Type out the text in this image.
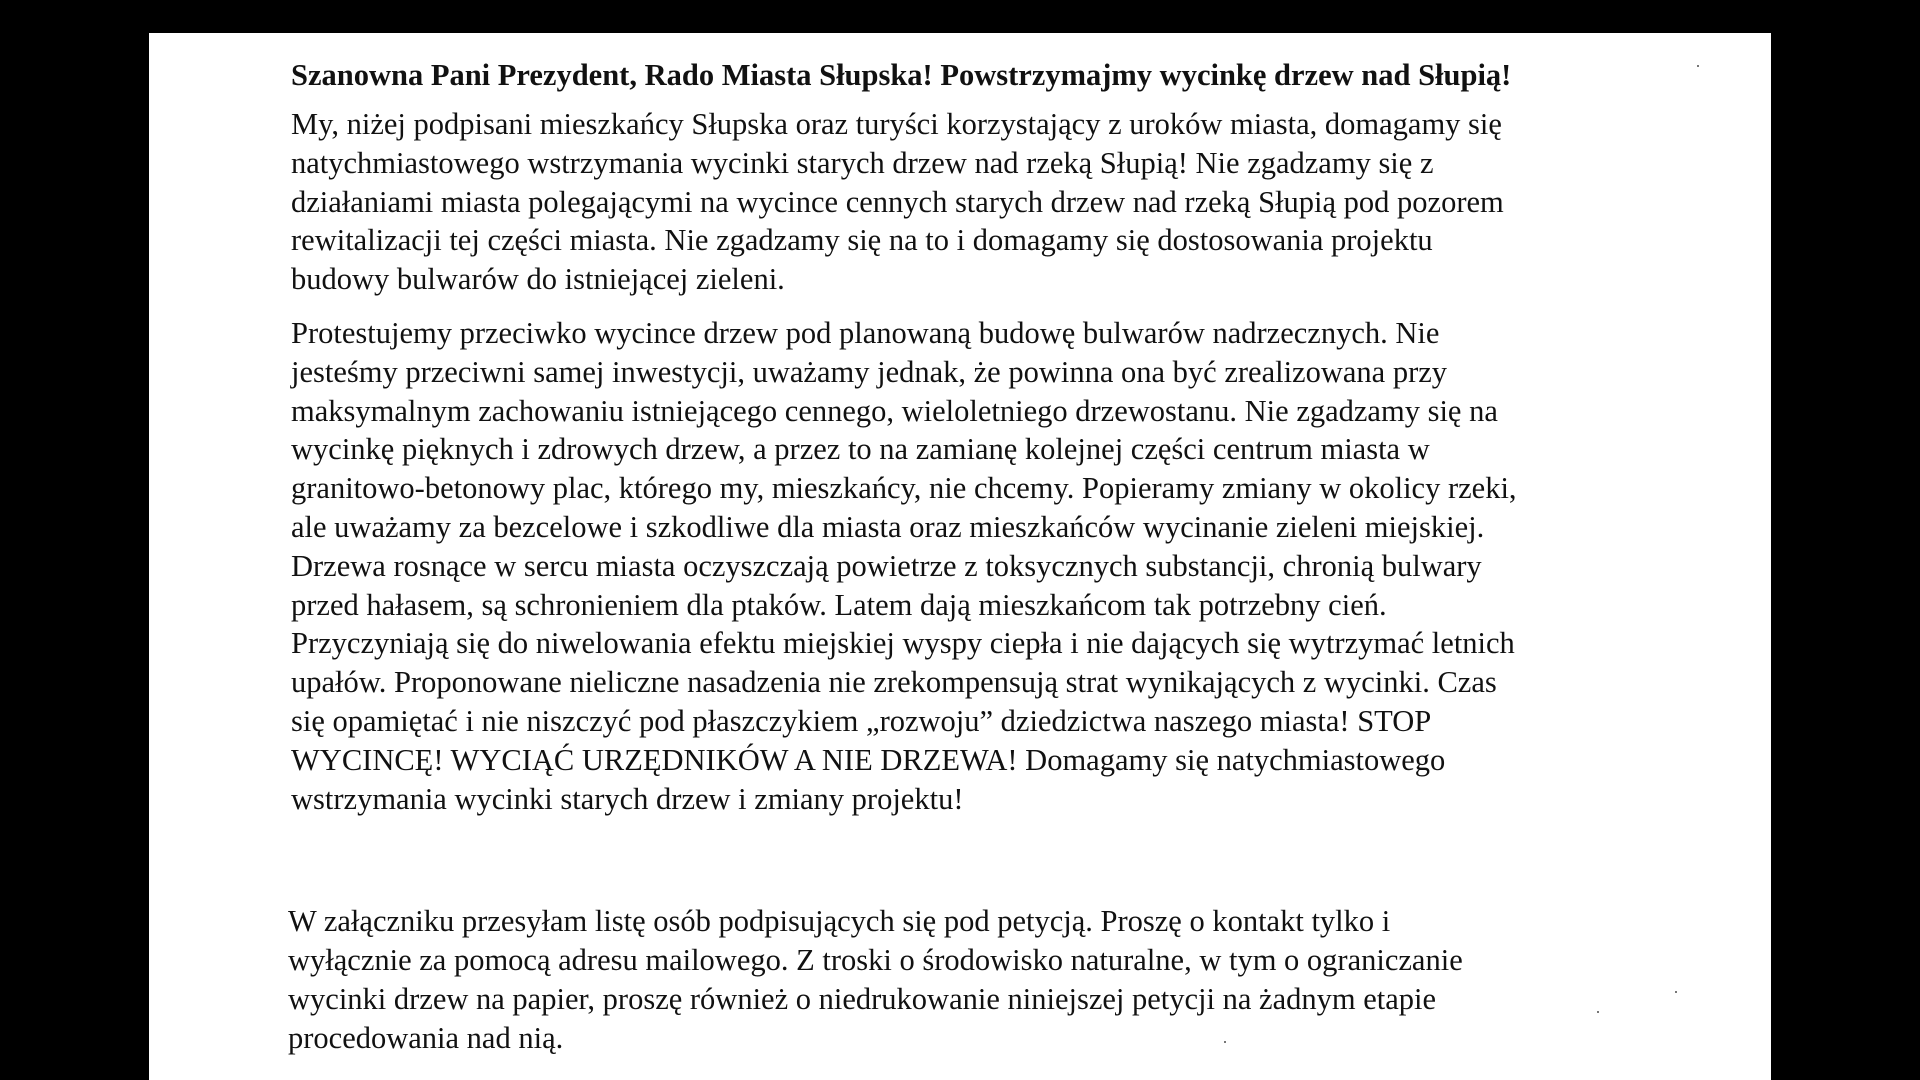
Szanowna Pani Prezydent, Rado Miasta Słupska! Powstrzymajmy wycinkę drzew nad Słupią!

My, niżej podpisani mieszkańcy Słupska oraz turyści korzystający z uroków miasta, domagamy się
natychmiastowego wstrzymania wycinki starych drzew nad rzeką Słupią! Nie zgadzamy się z
działaniami miasta polegającymi na wycince cennych starych drzew nad rzeką Słupią pod pozorem
rewitalizacji tej części miasta. Nie zgadzamy się na to i domagamy się dostosowania projektu
budowy bulwarów do istniejącej zieleni.

Protestujemy przeciwko wycince drzew pod planowaną budowę bulwarów nadrzecznych. Nie
jesteśmy przeciwni samej inwestycji, uważamy jednak, że powinna ona być zrealizowana przy
maksymalnym zachowaniu istniejącego cennego, wieloletniego drzewostanu. Nie zgadzamy się na
wycinkę pięknych i zdrowych drzew, a przez to na zamianę kolejnej części centrum miasta w
granitowo-betonowy plac, którego my, mieszkańcy, nie chcemy. Popieramy zmiany w okolicy rzeki,
ale uważamy za bezcelowe i szkodliwe dla miasta oraz mieszkańców wycinanie zieleni miejskiej.
Drzewa rosnące w sercu miasta oczyszczają powietrze z toksycznych substancji, chronią bulwary
przed hałasem, są schronieniem dla ptaków. Latem dają mieszkańcom tak potrzebny cień.
Przyczyniają się do niwelowania efektu miejskiej wyspy ciepła i nie dających się wytrzymać letnich
upałów. Proponowane nieliczne nasadzenia nie zrekompensują strat wynikających z wycinki. Czas
się opamiętać i nie niszczyć pod płaszczykiem „rozwoju” dziedzictwa naszego miasta! STOP
WYCINCĘ! WYCIĄĆ URZĘDNIKÓW A NIE DRZEWA! Domagamy się natychmiastowego
wstrzymania wycinki starych drzew i zmiany projektu!

W załączniku przesyłam listę osób podpisujących się pod petycją. Proszę o kontakt tylko i
wyłącznie za pomocą adresu mailowego. Z troski o środowisko naturalne, w tym o ograniczanie
wycinki drzew na papier, proszę również o niedrukowanie niniejszej petycji na żadnym etapie
procedowania nad nią.
